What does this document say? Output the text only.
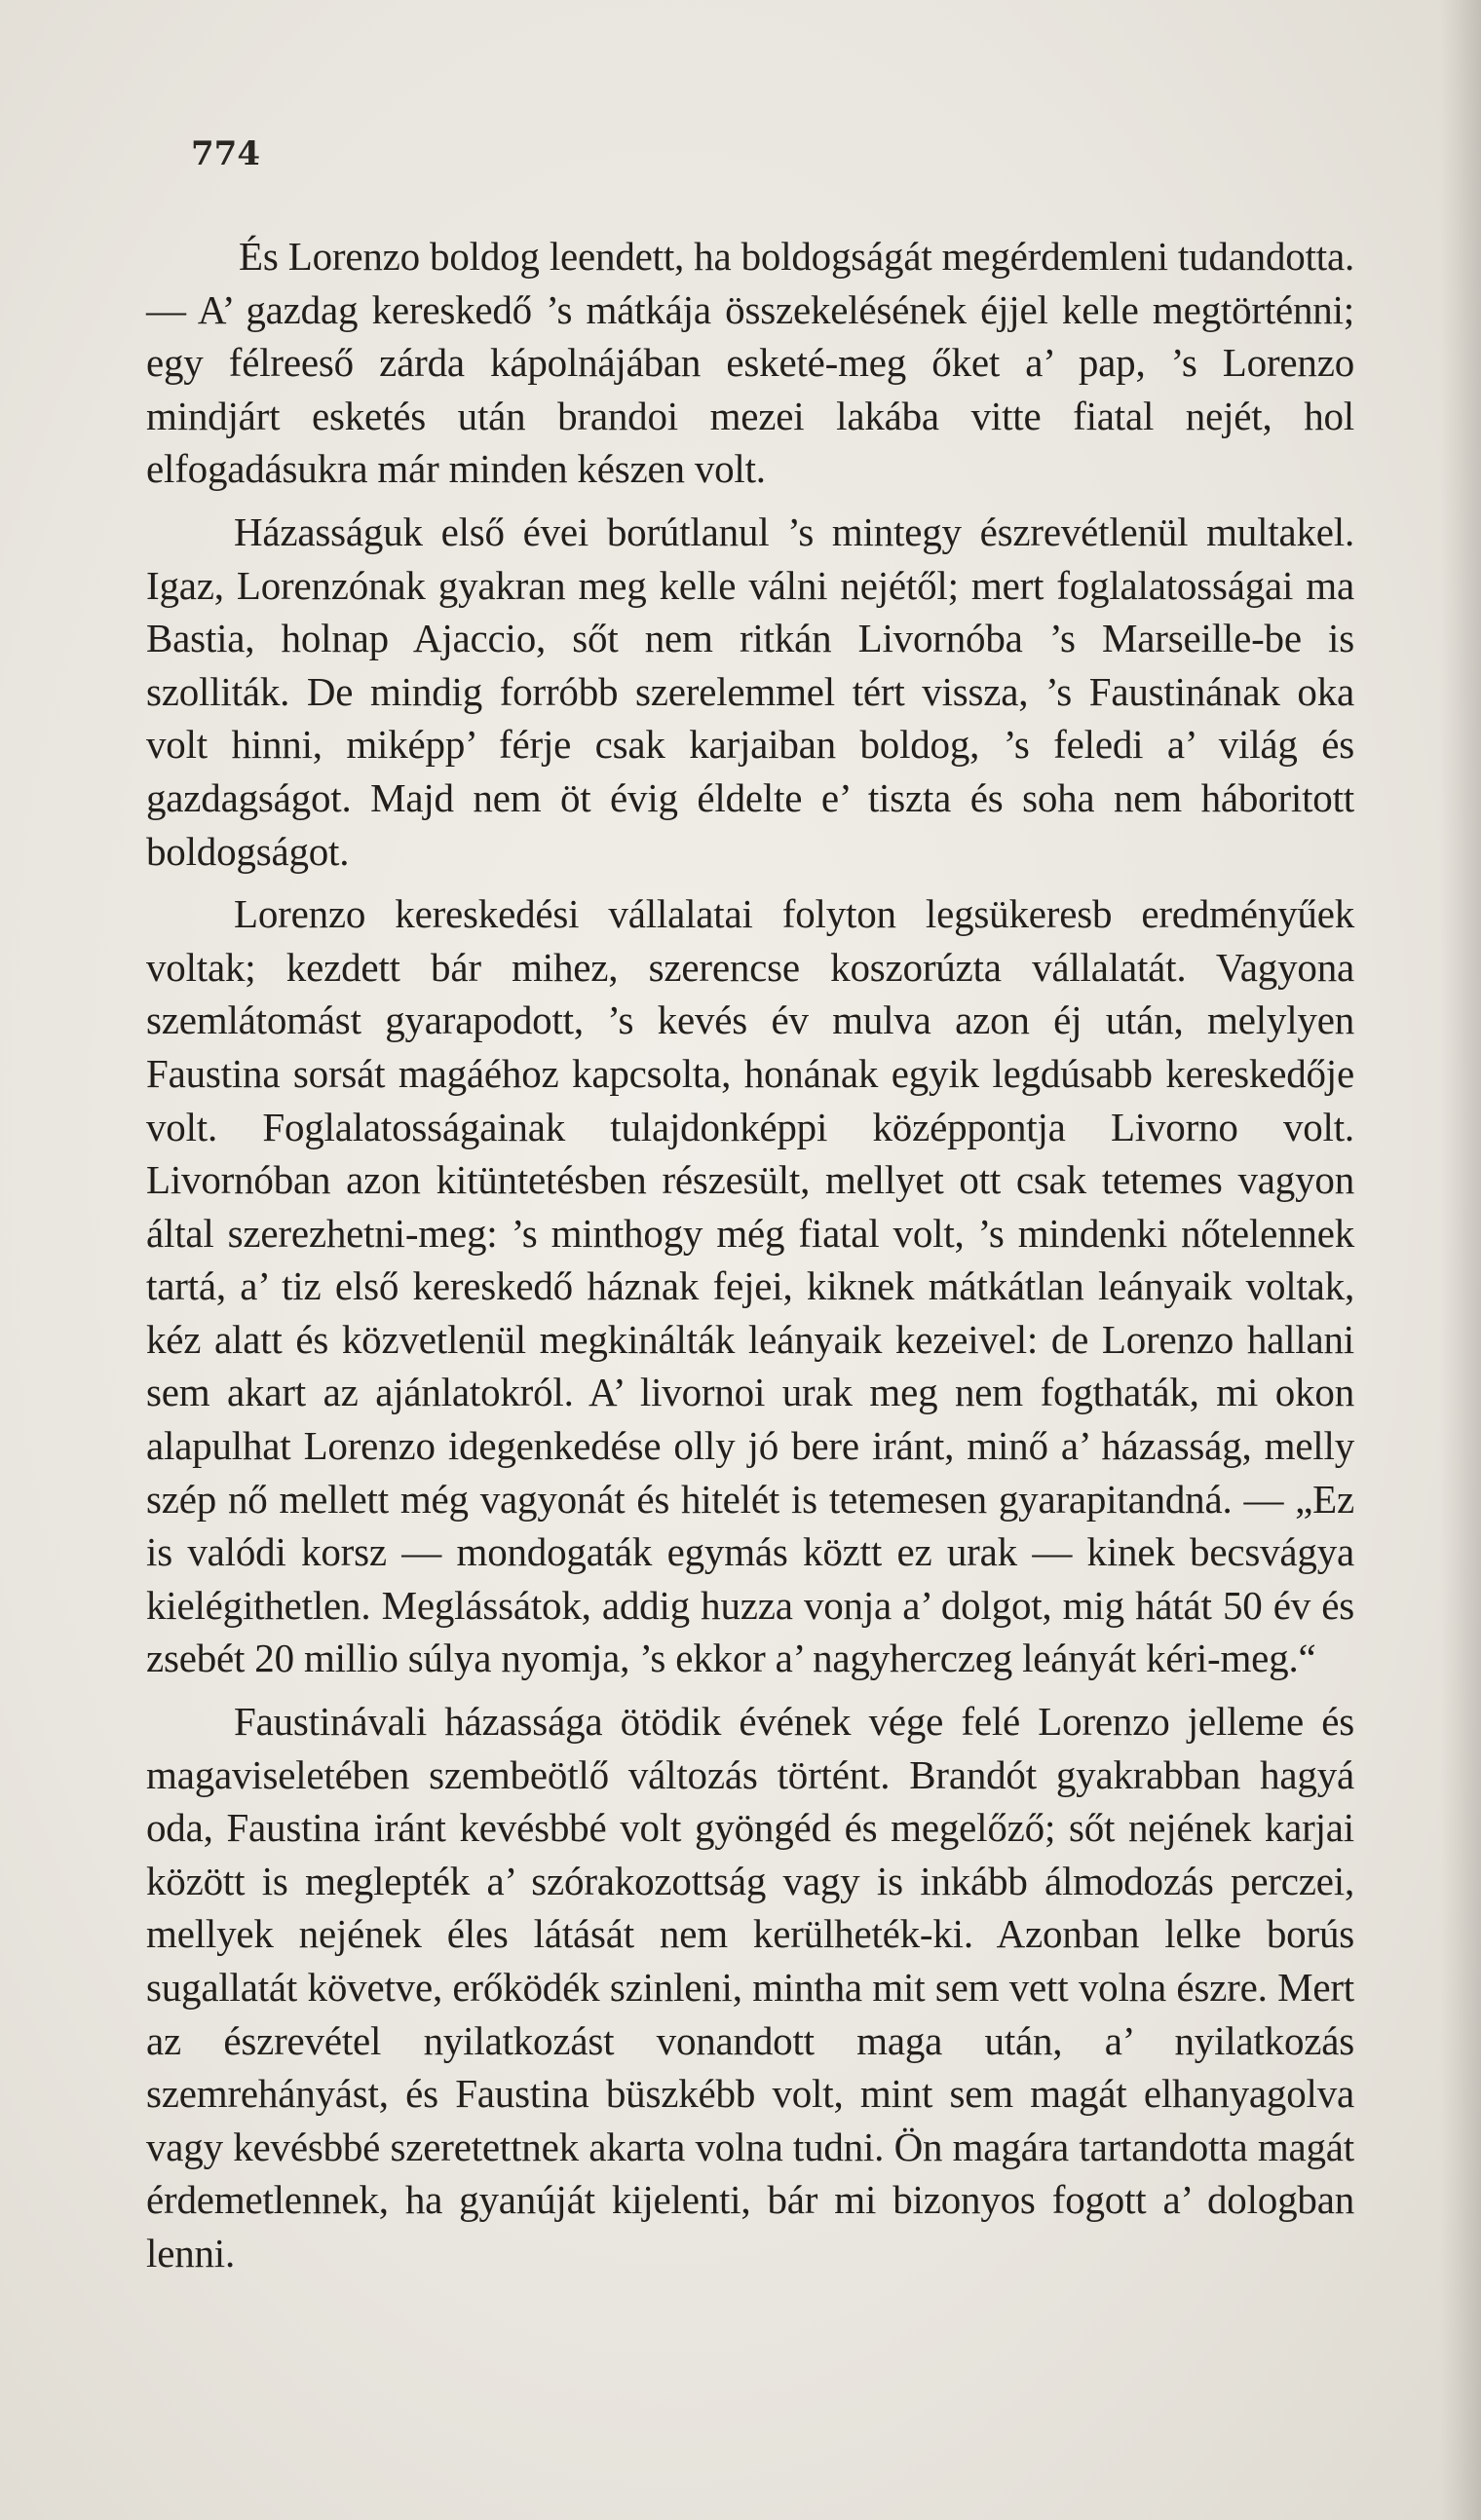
774

És Lorenzo boldog leendett, ha boldogságát megérdemleni tudandotta. — A’ gazdag kereskedő ’s mátkája összekelésének éjjel kelle megtörténni; egy félreeső zárda kápolnájában esketé-meg őket a’ pap, ’s Lorenzo mindjárt esketés után brandoi mezei lakába vitte fiatal nejét, hol elfogadásukra már minden készen volt.

Házasságuk első évei borútlanul ’s mintegy észrevétlenül multakel. Igaz, Lorenzónak gyakran meg kelle válni nejétől; mert foglalatosságai ma Bastia, holnap Ajaccio, sőt nem ritkán Livornóba ’s Marseille-be is szolliták. De mindig forróbb szerelemmel tért vissza, ’s Faustinának oka volt hinni, miképp’ férje csak karjaiban boldog, ’s feledi a’ világ és gazdagságot. Majd nem öt évig éldelte e’ tiszta és soha nem háboritott boldogságot.

Lorenzo kereskedési vállalatai folyton legsükeresb eredményűek voltak; kezdett bár mihez, szerencse koszorúzta vállalatát. Vagyona szemlátomást gyarapodott, ’s kevés év mulva azon éj után, melylyen Faustina sorsát magáéhoz kapcsolta, honának egyik legdúsabb kereskedője volt. Foglalatosságainak tulajdonképpi középpontja Livorno volt. Livornóban azon kitüntetésben részesült, mellyet ott csak tetemes vagyon által szerezhetni-meg: ’s minthogy még fiatal volt, ’s mindenki nőtelennek tartá, a’ tiz első kereskedő háznak fejei, kiknek mátkátlan leányaik voltak, kéz alatt és közvetlenül megkinálták leányaik kezeivel: de Lorenzo hallani sem akart az ajánlatokról. A’ livornoi urak meg nem fogthaták, mi okon alapulhat Lorenzo idegenkedése olly jó bere iránt, minő a’ házasság, melly szép nő mellett még vagyonát és hitelét is tetemesen gyarapitandná. — „Ez is valódi korsz — mondogaták egymás köztt ez urak — kinek becsvágya kielégithetlen. Meglássátok, addig huzza vonja a’ dolgot, mig hátát 50 év és zsebét 20 millio súlya nyomja, ’s ekkor a’ nagyherczeg leányát kéri-meg.“

Faustinávali házassága ötödik évének vége felé Lorenzo jelleme és magaviseletében szembeötlő változás történt. Brandót gyakrabban hagyá oda, Faustina iránt kevésbbé volt gyöngéd és megelőző; sőt nejének karjai között is meglepték a’ szórakozottság vagy is inkább álmodozás perczei, mellyek nejének éles látását nem kerülheték-ki. Azonban lelke borús sugallatát követve, erőködék szinleni, mintha mit sem vett volna észre. Mert az észrevétel nyilatkozást vonandott maga után, a’ nyilatkozás szemrehányást, és Faustina büszkébb volt, mint sem magát elhanyagolva vagy kevésbbé szeretettnek akarta volna tudni. Ön magára tartandotta magát érdemetlennek, ha gyanúját kijelenti, bár mi bizonyos fogott a’ dologban lenni.
